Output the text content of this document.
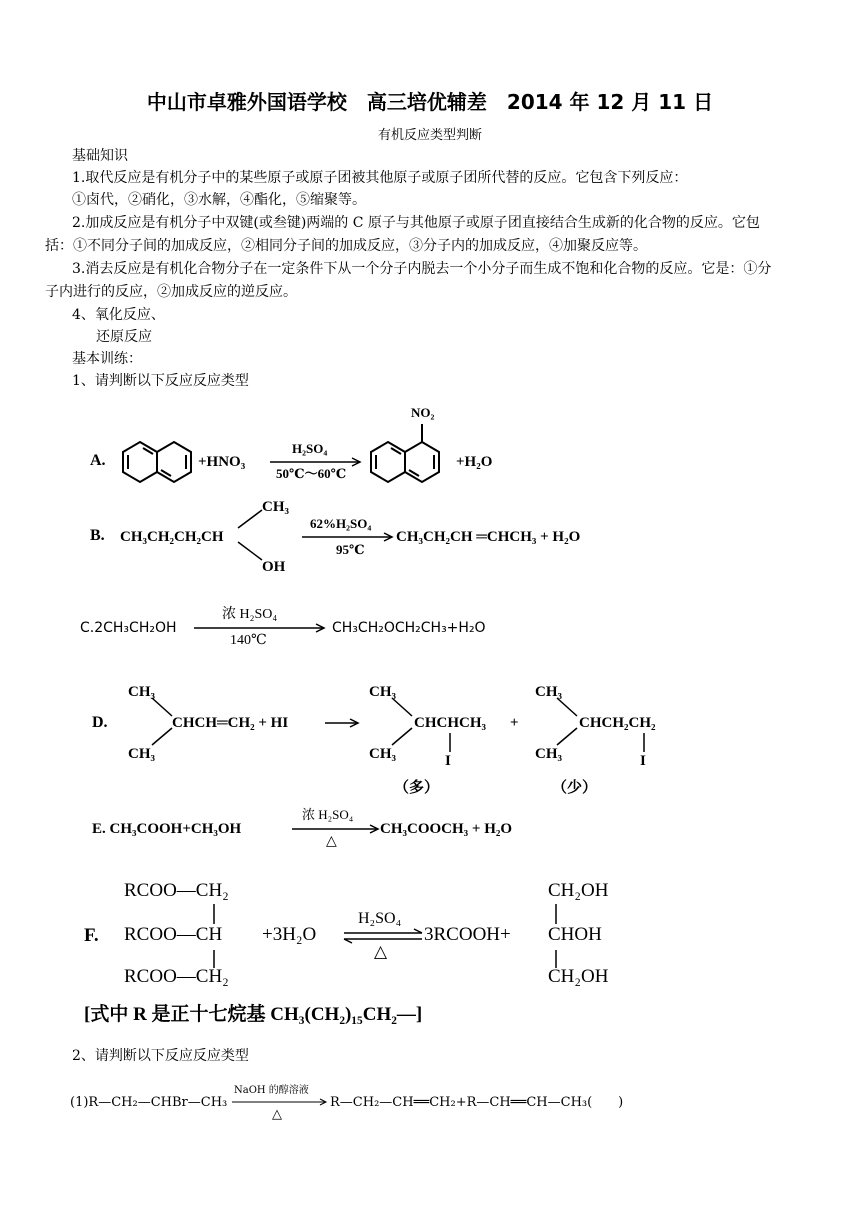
中山市卓雅外国语学校　高三培优辅差　2014 年 12 月 11 日
有机反应类型判断
基础知识
1.取代反应是有机分子中的某些原子或原子团被其他原子或原子团所代替的反应。它包含下列反应：
①卤代，②硝化，③水解，④酯化，⑤缩聚等。
2.加成反应是有机分子中双键(或叁键)两端的 C 原子与其他原子或原子团直接结合生成新的化合物的反应。它包
括：①不同分子间的加成反应，②相同分子间的加成反应，③分子内的加成反应，④加聚反应等。
3.消去反应是有机化合物分子在一定条件下从一个分子内脱去一个小分子而生成不饱和化合物的反应。它是：①分
子内进行的反应，②加成反应的逆反应。
4、氧化反应、
还原反应
基本训练：
1、请判断以下反应反应类型
A.	+HNO₃
H₂SO₄
50℃～60℃
NO₂
+H₂O
B. CH₃CH₂CH₂CH
CH₃
OH
62%H₂SO₄
95℃
CH₃CH₂CH ═CHCH₃ + H₂O
C.2CH₃CH₂OH
浓 H₂SO₄
140℃
CH₃CH₂OCH₂CH₃+H₂O
D.
CH₃
CH₃
CHCH═CH₂ + HI
CH₃
CH₃
CHCHCH₃
I
+
CH₃
CH₃
CHCH₂CH₂
I
（多）	（少）
E. CH₃COOH+CH₃OH
浓 H₂SO₄
△
CH₃COOCH₃ + H₂O
F.
RCOO—CH₂
RCOO—CH
RCOO—CH₂
+3H₂O
H₂SO₄
△
3RCOOH+
CH₂OH
CHOH
CH₂OH
[式中 R 是正十七烷基 CH₃(CH₂)₁₅CH₂—]
2、请判断以下反应反应类型
(1)R—CH₂—CHBr—CH₃
NaOH 的醇溶液
△
R—CH₂—CH══CH₂+R—CH══CH—CH₃(　　)
